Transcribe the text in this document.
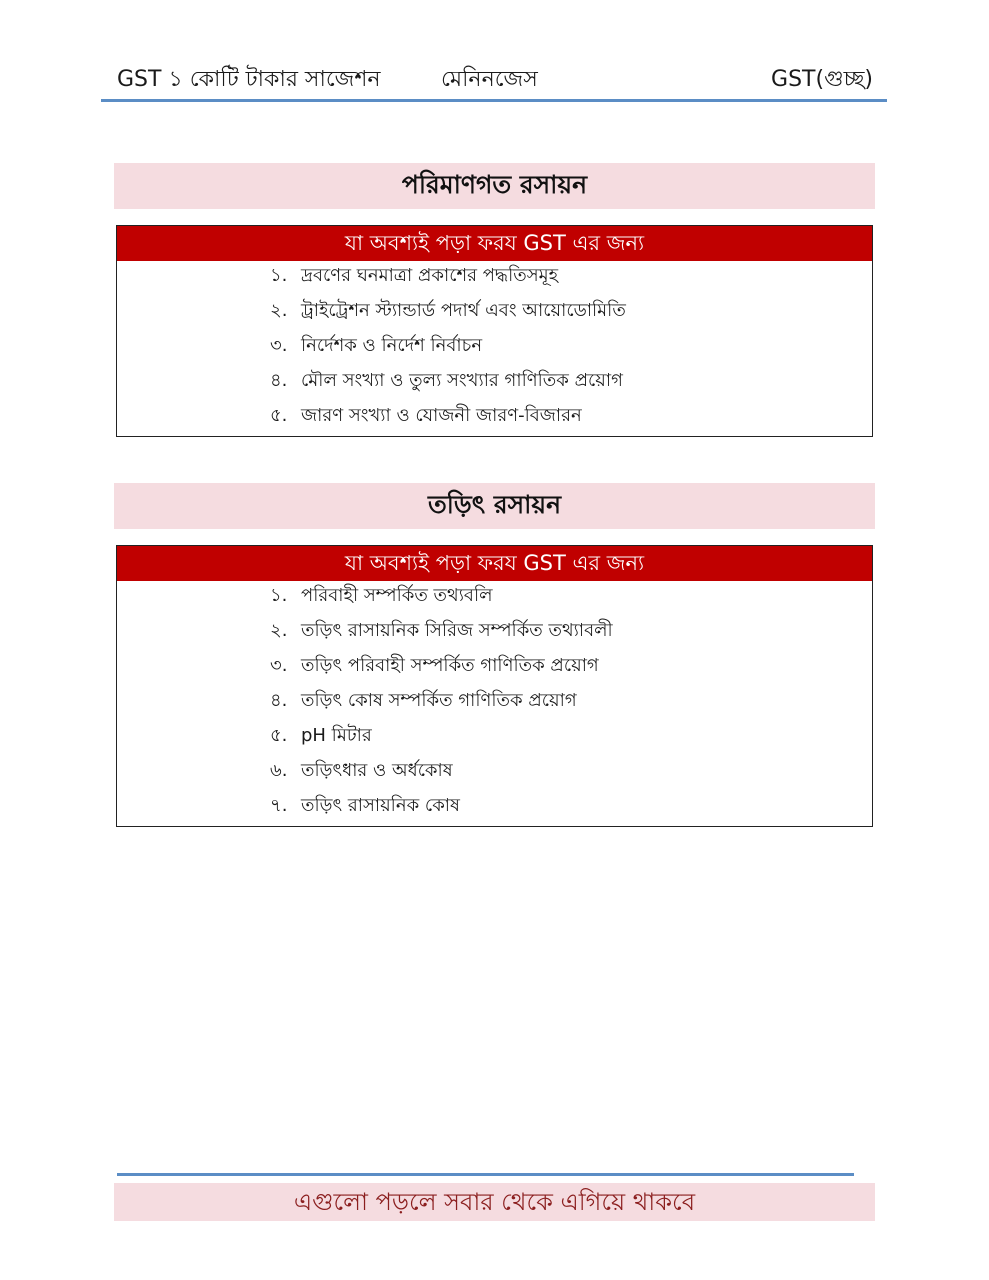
GST ১ কোটি টাকার সাজেশন	মেনিনজেস	GST(গুচ্ছ)
পরিমাণগত রসায়ন
যা অবশ্যই পড়া ফরয GST এর জন্য
১. দ্রবণের ঘনমাত্রা প্রকাশের পদ্ধতিসমূহ
২. ট্রাইট্রেশন স্ট্যান্ডার্ড পদার্থ এবং আয়োডোমিতি
৩. নির্দেশক ও নির্দেশ নির্বাচন
৪. মৌল সংখ্যা ও তুল্য সংখ্যার গাণিতিক প্রয়োগ
৫. জারণ সংখ্যা ও যোজনী জারণ-বিজারন
তড়িৎ রসায়ন
যা অবশ্যই পড়া ফরয GST এর জন্য
১. পরিবাহী সম্পর্কিত তথ্যবলি
২. তড়িৎ রাসায়নিক সিরিজ সম্পর্কিত তথ্যাবলী
৩. তড়িৎ পরিবাহী সম্পর্কিত গাণিতিক প্রয়োগ
৪. তড়িৎ কোষ সম্পর্কিত গাণিতিক প্রয়োগ
৫. pH মিটার
৬. তড়িৎধার ও অর্ধকোষ
৭. তড়িৎ রাসায়নিক কোষ
এগুলো পড়লে সবার থেকে এগিয়ে থাকবে
